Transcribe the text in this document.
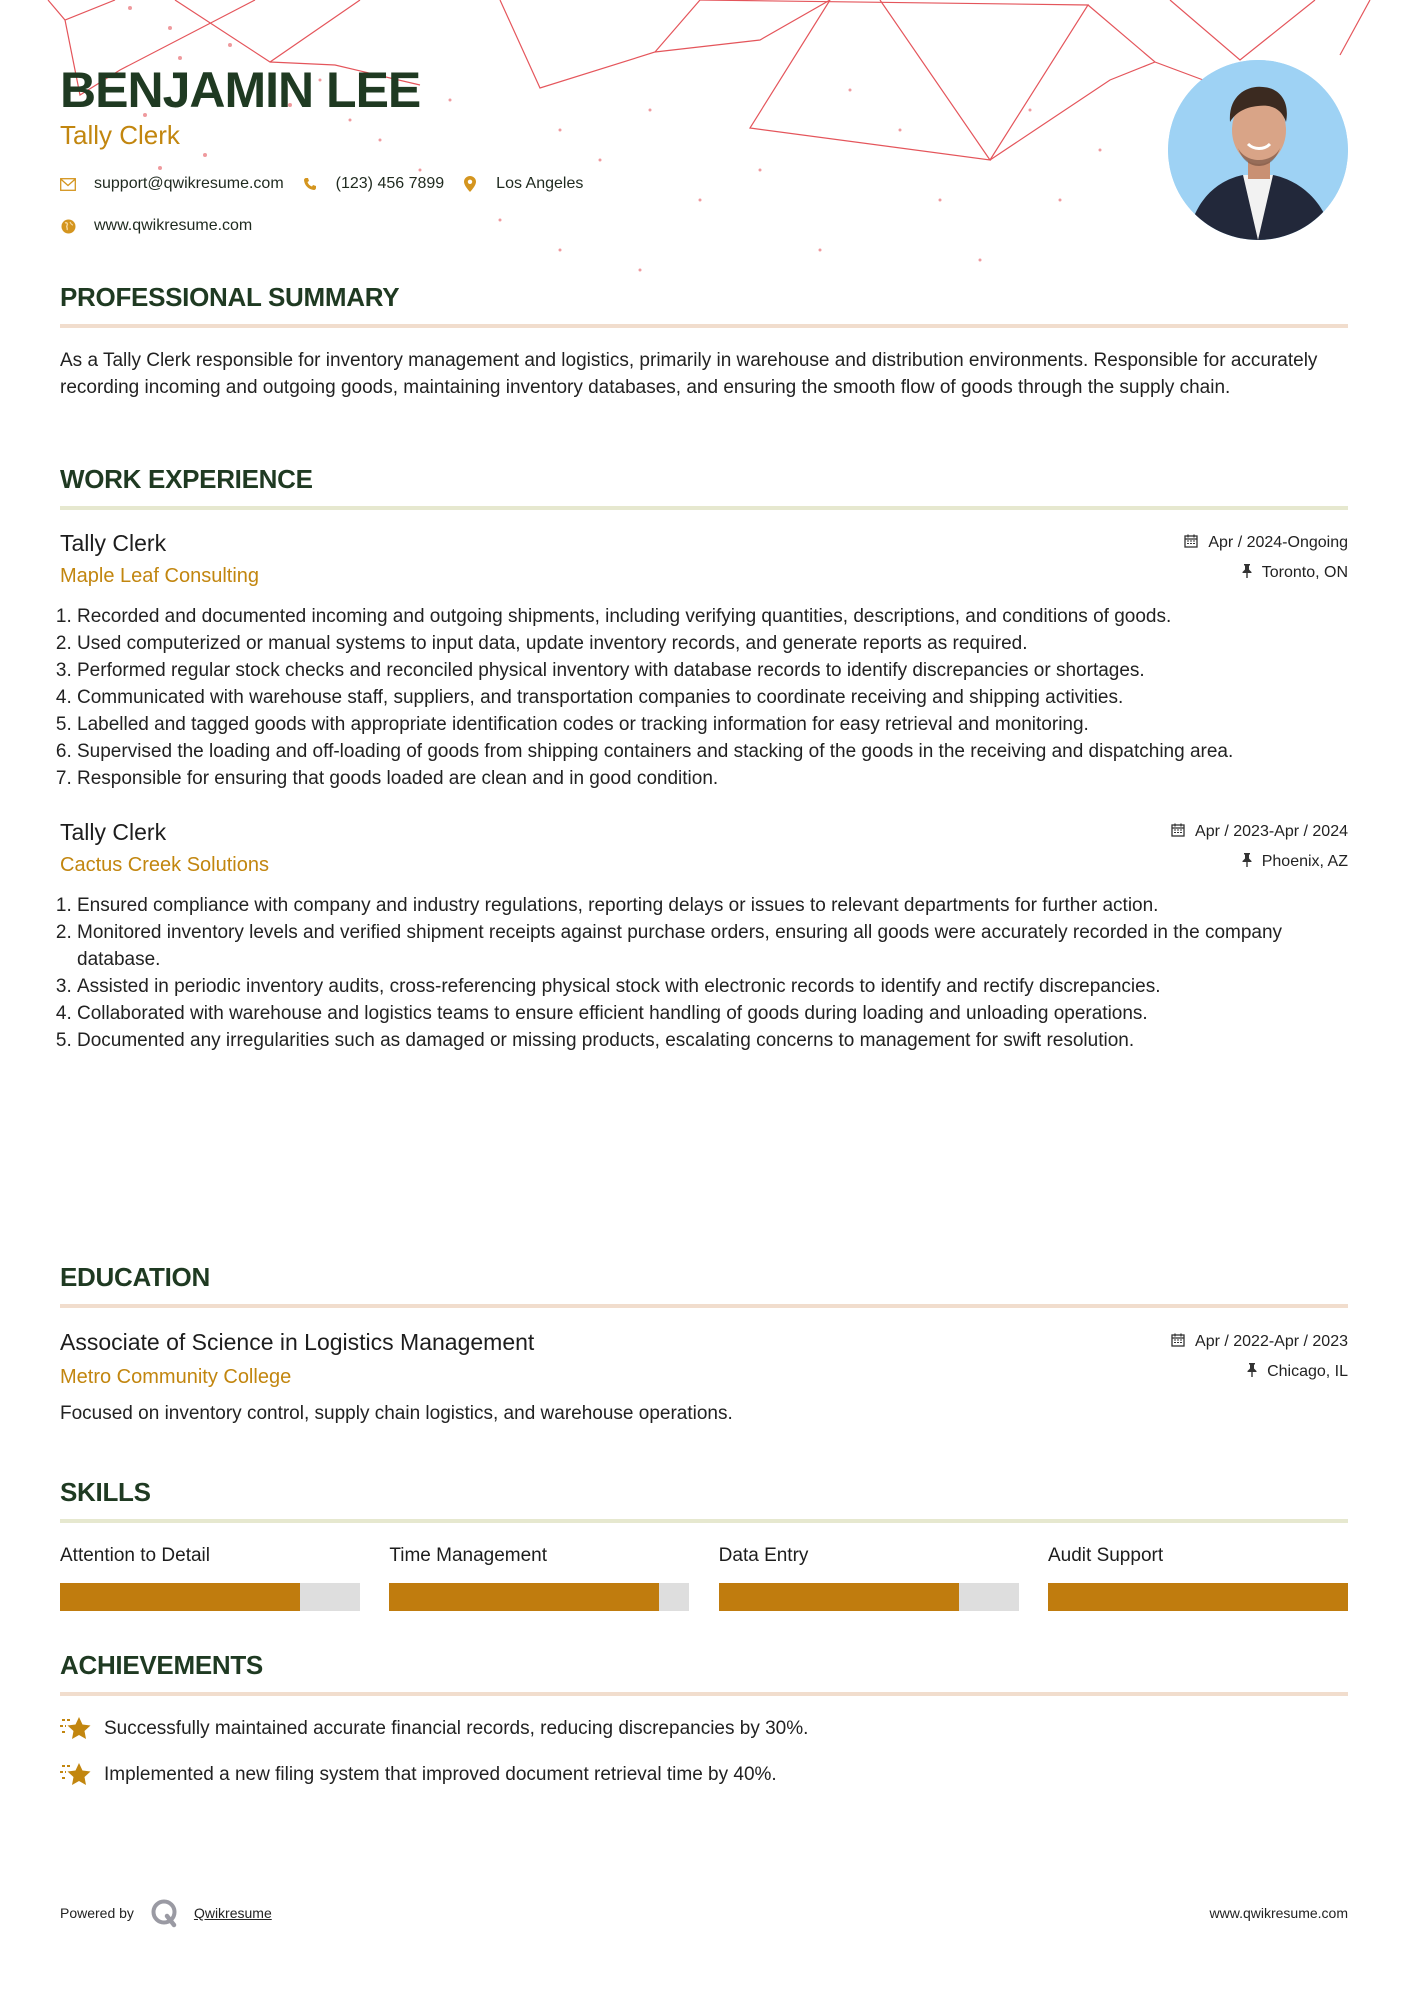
BENJAMIN LEE
Tally Clerk
support@qwikresume.com	(123) 456 7899	Los Angeles
www.qwikresume.com
PROFESSIONAL SUMMARY

As a Tally Clerk responsible for inventory management and logistics, primarily in warehouse and distribution environments. Responsible for accurately recording incoming and outgoing goods, maintaining inventory databases, and ensuring the smooth flow of goods through the supply chain.

WORK EXPERIENCE
Tally Clerk
Maple Leaf Consulting
Apr / 2024-Ongoing
Toronto, ON
1. Recorded and documented incoming and outgoing shipments, including verifying quantities, descriptions, and conditions of goods.
2. Used computerized or manual systems to input data, update inventory records, and generate reports as required.
3. Performed regular stock checks and reconciled physical inventory with database records to identify discrepancies or shortages.
4. Communicated with warehouse staff, suppliers, and transportation companies to coordinate receiving and shipping activities.
5. Labelled and tagged goods with appropriate identification codes or tracking information for easy retrieval and monitoring.
6. Supervised the loading and off-loading of goods from shipping containers and stacking of the goods in the receiving and dispatching area.
7. Responsible for ensuring that goods loaded are clean and in good condition.
Tally Clerk
Cactus Creek Solutions
Apr / 2023-Apr / 2024
Phoenix, AZ
1. Ensured compliance with company and industry regulations, reporting delays or issues to relevant departments for further action.
2. Monitored inventory levels and verified shipment receipts against purchase orders, ensuring all goods were accurately recorded in the company database.
3. Assisted in periodic inventory audits, cross-referencing physical stock with electronic records to identify and rectify discrepancies.
4. Collaborated with warehouse and logistics teams to ensure efficient handling of goods during loading and unloading operations.
5. Documented any irregularities such as damaged or missing products, escalating concerns to management for swift resolution.
EDUCATION
Associate of Science in Logistics Management
Metro Community College
Apr / 2022-Apr / 2023
Chicago, IL

Focused on inventory control, supply chain logistics, and warehouse operations.

SKILLS
Attention to Detail	Time Management	Data Entry	Audit Support
ACHIEVEMENTS
Successfully maintained accurate financial records, reducing discrepancies by 30%.
Implemented a new filing system that improved document retrieval time by 40%.
Powered by	Qwikresume	www.qwikresume.com
